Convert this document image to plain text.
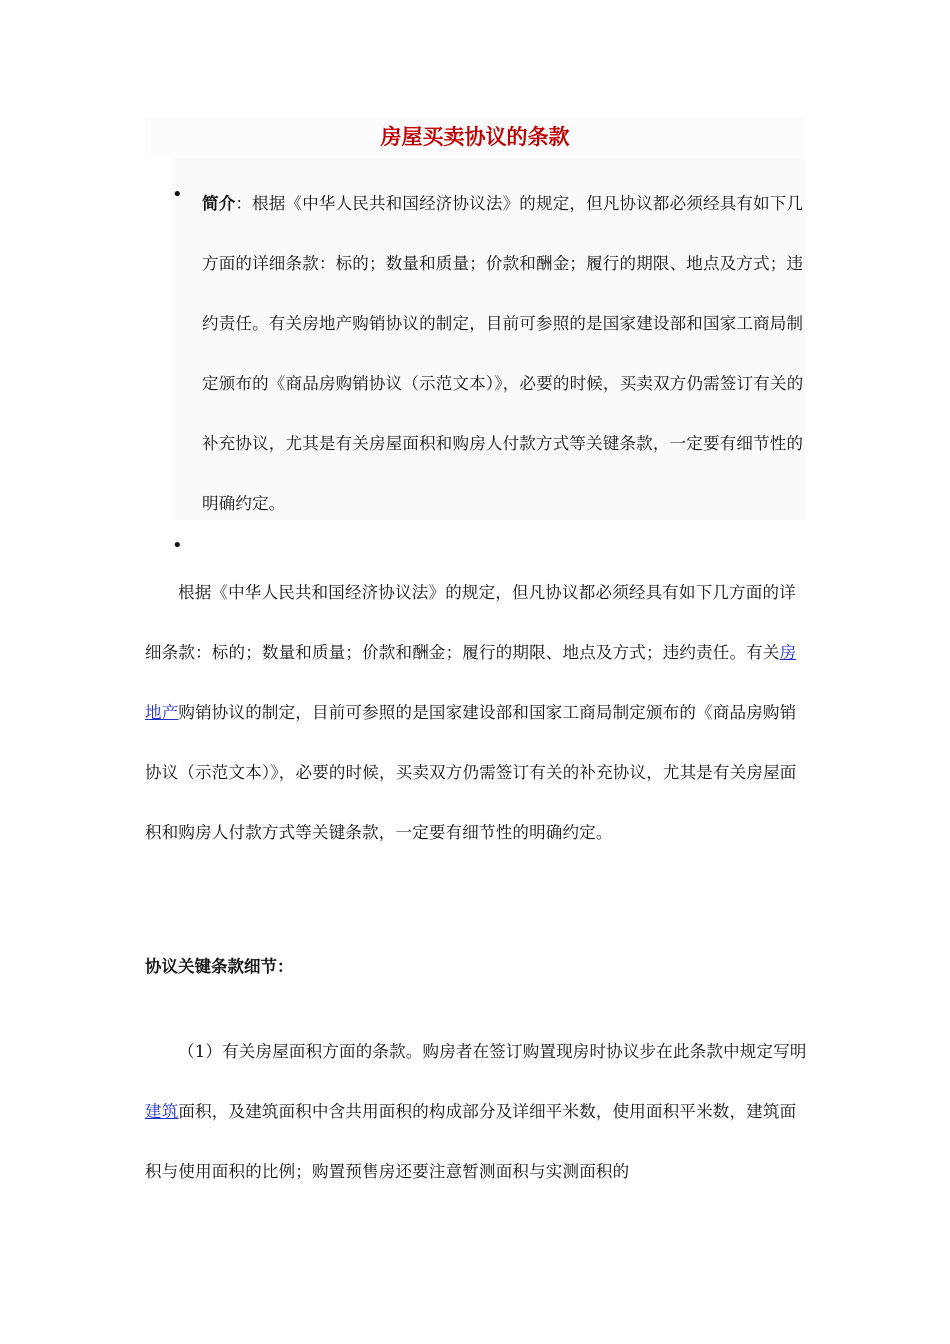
房屋买卖协议的条款
• 简介：根据《中华人民共和国经济协议法》的规定，但凡协议都必须经具有如下几方面的详细条款：标的；数量和质量；价款和酬金；履行的期限、地点及方式；违约责任。有关房地产购销协议的制定，目前可参照的是国家建设部和国家工商局制定颁布的《商品房购销协议（示范文本）》，必要的时候，买卖双方仍需签订有关的补充协议，尤其是有关房屋面积和购房人付款方式等关键条款，一定要有细节性的明确约定。

•

根据《中华人民共和国经济协议法》的规定，但凡协议都必须经具有如下几方面的详细条款：标的；数量和质量；价款和酬金；履行的期限、地点及方式；违约责任。有关房地产购销协议的制定，目前可参照的是国家建设部和国家工商局制定颁布的《商品房购销协议（示范文本）》，必要的时候，买卖双方仍需签订有关的补充协议，尤其是有关房屋面积和购房人付款方式等关键条款，一定要有细节性的明确约定。

协议关键条款细节：

（1）有关房屋面积方面的条款。购房者在签订购置现房时协议步在此条款中规定写明建筑面积，及建筑面积中含共用面积的构成部分及详细平米数，使用面积平米数，建筑面积与使用面积的比例；购置预售房还要注意暂测面积与实测面积的
